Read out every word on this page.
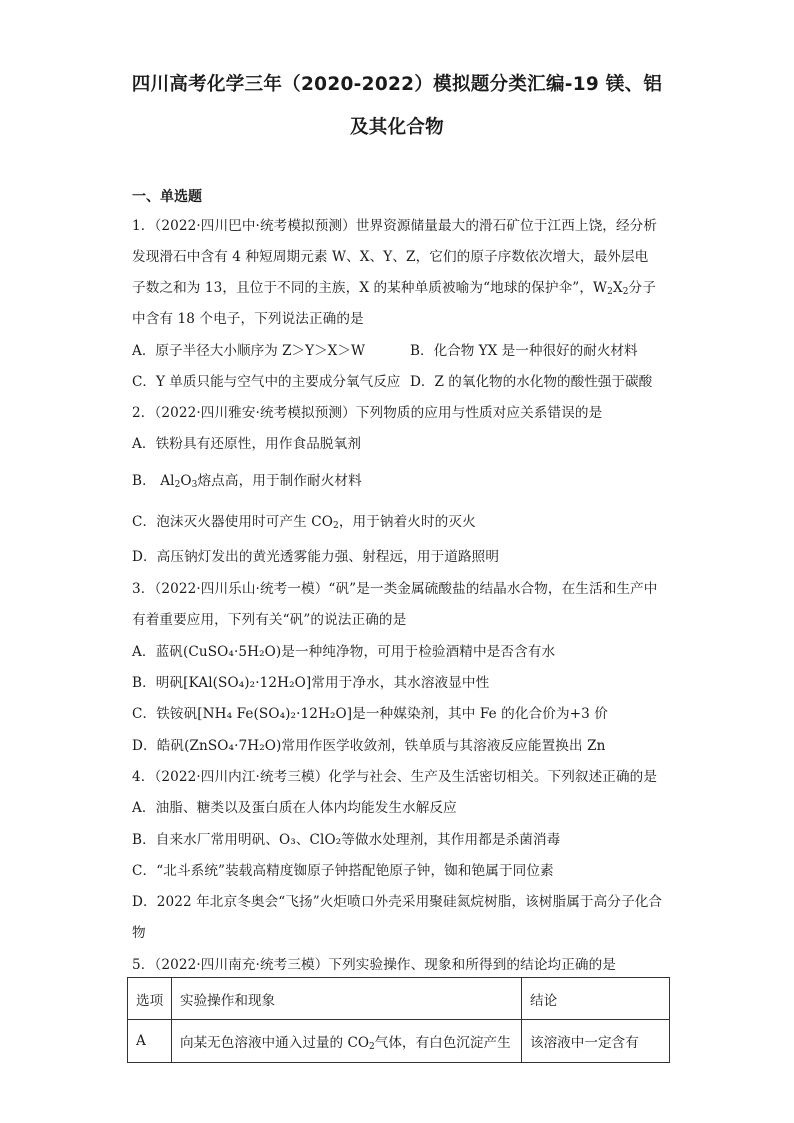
四川高考化学三年（2020-2022）模拟题分类汇编-19 镁、铝
及其化合物
一、单选题
1．（2022·四川巴中·统考模拟预测）世界资源储量最大的滑石矿位于江西上饶，经分析
发现滑石中含有 4 种短周期元素 W、X、Y、Z，它们的原子序数依次增大，最外层电
子数之和为 13，且位于不同的主族，X 的某种单质被喻为“地球的保护伞”，$W_2X_2$分子
中含有 18 个电子，下列说法正确的是
A．原子半径大小顺序为 Z＞Y＞X＞W	B．化合物 YX 是一种很好的耐火材料
C．Y 单质只能与空气中的主要成分氧气反应 D．Z 的氧化物的水化物的酸性强于碳酸
2．（2022·四川雅安·统考模拟预测）下列物质的应用与性质对应关系错误的是
A．铁粉具有还原性，用作食品脱氧剂
B． $Al_2O_3$熔点高，用于制作耐火材料
C．泡沫灭火器使用时可产生 $CO_2$，用于钠着火时的灭火
D．高压钠灯发出的黄光透雾能力强、射程远，用于道路照明
3．（2022·四川乐山·统考一模）“矾”是一类金属硫酸盐的结晶水合物，在生活和生产中
有着重要应用，下列有关“矾”的说法正确的是
A．蓝矾(CuSO₄·5H₂O)是一种纯净物，可用于检验酒精中是否含有水
B．明矾[KAl(SO₄)₂·12H₂O]常用于净水，其水溶液显中性
C．铁铵矾[NH₄ Fe(SO₄)₂·12H₂O]是一种媒染剂，其中 Fe 的化合价为+3 价
D．皓矾(ZnSO₄·7H₂O)常用作医学收敛剂，铁单质与其溶液反应能置换出 Zn
4．（2022·四川内江·统考三模）化学与社会、生产及生活密切相关。下列叙述正确的是
A．油脂、糖类以及蛋白质在人体内均能发生水解反应
B．自来水厂常用明矾、O₃、ClO₂等做水处理剂，其作用都是杀菌消毒
C．“北斗系统”装载高精度铷原子钟搭配铯原子钟，铷和铯属于同位素
D．2022 年北京冬奥会“飞扬”火炬喷口外壳采用聚硅氮烷树脂，该树脂属于高分子化合
物
5．（2022·四川南充·统考三模）下列实验操作、现象和所得到的结论均正确的是
选项	实验操作和现象	结论
A	向某无色溶液中通入过量的 $CO_2$气体，有白色沉淀产生	该溶液中一定含有
